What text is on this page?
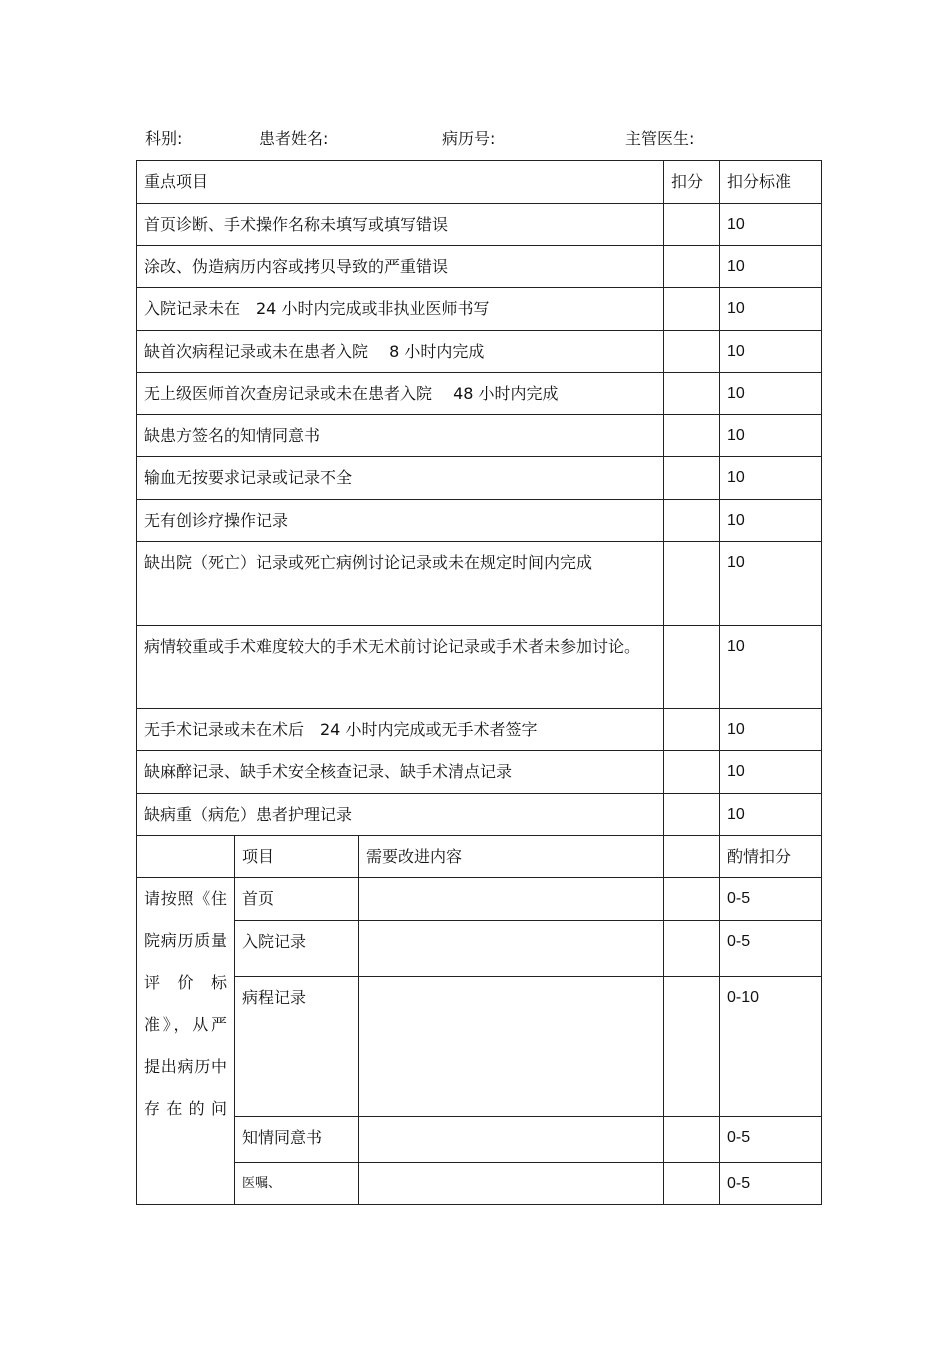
科别:	患者姓名:	病历号:	主管医生:
重点项目			扣分	扣分标准
首页诊断、手术操作名称未填写或填写错误				10
涂改、伪造病历内容或拷贝导致的严重错误				10
入院记录未在　24 小时内完成或非执业医师书写				10
缺首次病程记录或未在患者入院　 8 小时内完成				10
无上级医师首次查房记录或未在患者入院　 48 小时内完成				10
缺患方签名的知情同意书				10
输血无按要求记录或记录不全				10
无有创诊疗操作记录				10
缺出院（死亡）记录或死亡病例讨论记录或未在规定时间内完成				10
病情较重或手术难度较大的手术无术前讨论记录或手术者未参加讨论。				10
无手术记录或未在术后　24 小时内完成或无手术者签字				10
缺麻醉记录、缺手术安全核查记录、缺手术清点记录				10
缺病重（病危）患者护理记录				10
	项目	需要改进内容		酌情扣分
请按照《住院病历质量评价标准》，从严提出病历中存在的问	首页			0-5
	入院记录			0-5
	病程记录			0-10
	知情同意书			0-5
	医嘱、			0-5
